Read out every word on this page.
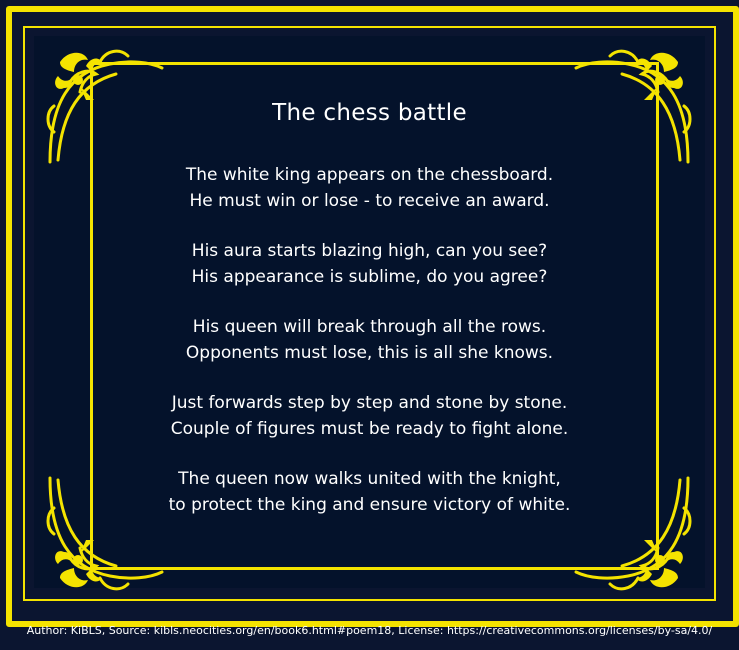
The chess battle
The white king appears on the chessboard.
He must win or lose - to receive an award.
His aura starts blazing high, can you see?
His appearance is sublime, do you agree?
His queen will break through all the rows.
Opponents must lose, this is all she knows.
Just forwards step by step and stone by stone.
Couple of figures must be ready to fight alone.
The queen now walks united with the knight,
to protect the king and ensure victory of white.
Author: KiBLS, Source: kibls.neocities.org/en/book6.html#poem18, License: https://creativecommons.org/licenses/by-sa/4.0/
